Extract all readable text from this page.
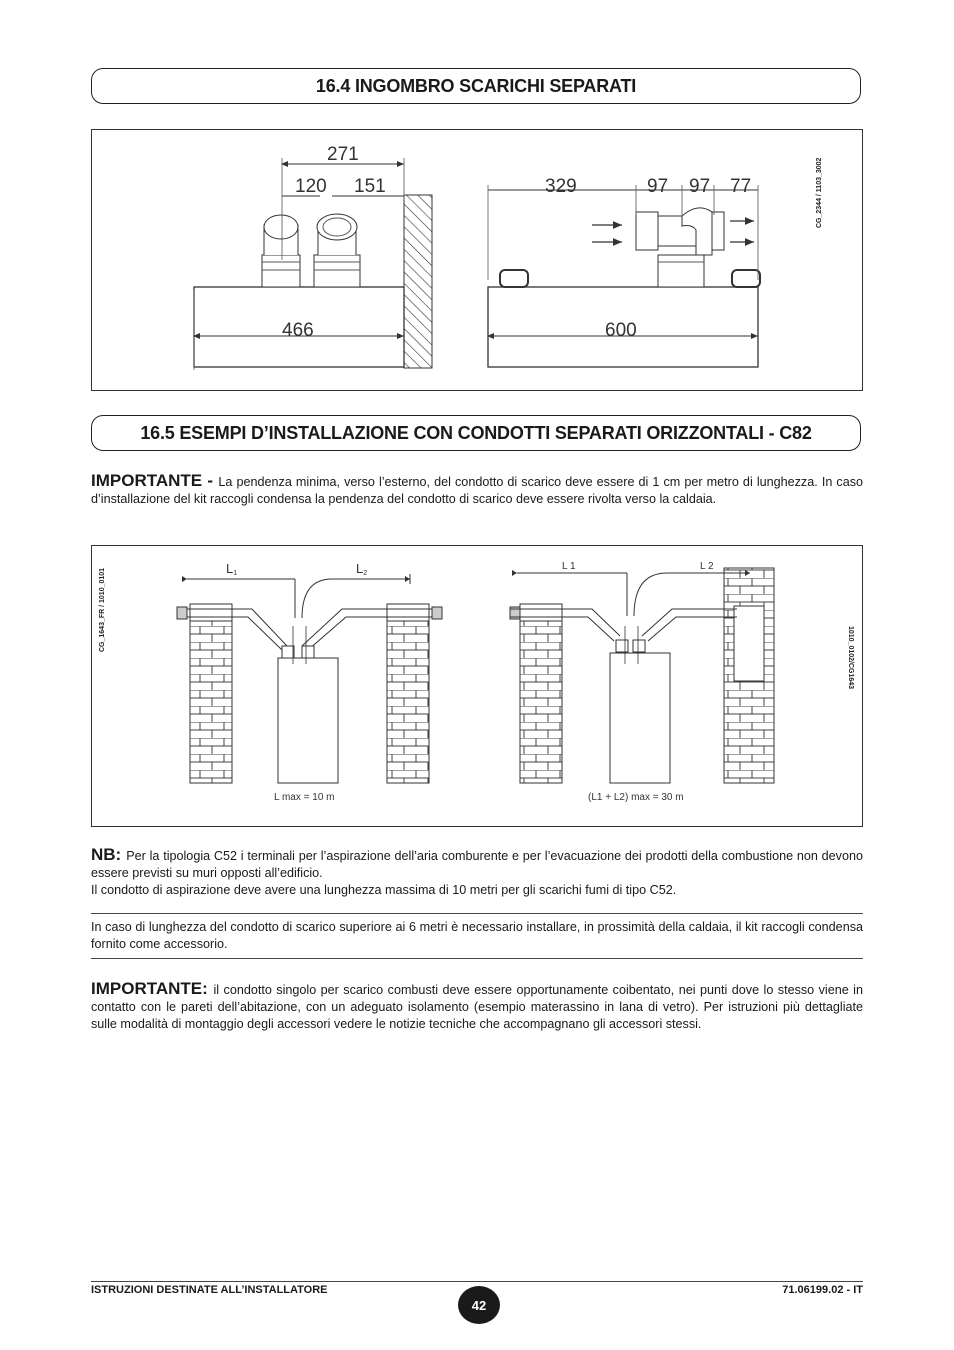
16.4 INGOMBRO SCARICHI SEPARATI
271
120 151
466
329	97 97 77
600
CG_2344 / 1103_3002
16.5 ESEMPI D’INSTALLAZIONE CON CONDOTTI SEPARATI ORIZZONTALI - C82
IMPORTANTE - La pendenza minima, verso l’esterno, del condotto di scarico deve essere di 1 cm per metro di lunghezza. In caso d’installazione del kit raccogli condensa la pendenza del condotto di scarico deve essere rivolta verso la caldaia.
L1	L2
L max = 10 m
L 1	L 2
(L1 + L2) max = 30 m
CG_1643_FR / 1010_0101
1010_0102/CG1643
NB: Per la tipologia C52 i terminali per l’aspirazione dell’aria comburente e per l’evacuazione dei prodotti della combustione non devono essere previsti su muri opposti all’edificio.
Il condotto di aspirazione deve avere una lunghezza massima di 10 metri per gli scarichi fumi di tipo C52.
In caso di lunghezza del condotto di scarico superiore ai 6 metri è necessario installare, in prossimità della caldaia, il kit raccogli condensa fornito come accessorio.
IMPORTANTE: il condotto singolo per scarico combusti deve essere opportunamente coibentato, nei punti dove lo stesso viene in contatto con le pareti dell’abitazione, con un adeguato isolamento (esempio materassino in lana di vetro). Per istruzioni più dettagliate sulle modalità di montaggio degli accessori vedere le notizie tecniche che accompagnano gli accessori stessi.
ISTRUZIONI DESTINATE ALL’INSTALLATORE
42
71.06199.02 - IT
